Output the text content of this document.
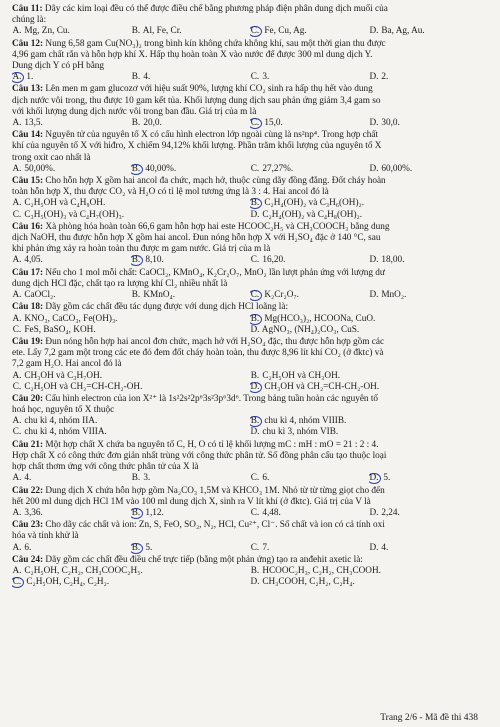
Câu 11: Dãy các kim loại đều có thể được điều chế bằng phương pháp điện phân dung dịch muối của
chúng là:
A. Mg, Zn, Cu.	B. Al, Fe, Cr.	C. Fe, Cu, Ag.	D. Ba, Ag, Au.
Câu 12: Nung 6,58 gam Cu(NO₃)₂ trong bình kín không chứa không khí, sau một thời gian thu được
4,96 gam chất rắn và hỗn hợp khí X. Hấp thụ hoàn toàn X vào nước để được 300 ml dung dịch Y.
Dung dịch Y có pH bằng
A. 1.	B. 4.	C. 3.	D. 2.
Câu 13: Lên men m gam glucozơ với hiệu suất 90%, lượng khí CO₂ sinh ra hấp thụ hết vào dung
dịch nước vôi trong, thu được 10 gam kết tủa. Khối lượng dung dịch sau phản ứng giảm 3,4 gam so
với khối lượng dung dịch nước vôi trong ban đầu. Giá trị của m là
A. 13,5.	B. 20,0.	C. 15,0.	D. 30,0.
Câu 14: Nguyên tử của nguyên tố X có cấu hình electron lớp ngoài cùng là ns²np⁴. Trong hợp chất
khí của nguyên tố X với hiđro, X chiếm 94,12% khối lượng. Phần trăm khối lượng của nguyên tố X
trong oxit cao nhất là
A. 50,00%.	B. 40,00%.	C. 27,27%.	D. 60,00%.
Câu 15: Cho hỗn hợp X gồm hai ancol đa chức, mạch hở, thuộc cùng dãy đồng đẳng. Đốt cháy hoàn
toàn hỗn hợp X, thu được CO₂ và H₂O có tỉ lệ mol tương ứng là 3 : 4. Hai ancol đó là
A. C₂H₅OH và C₄H₉OH.	B. C₂H₄(OH)₂ và C₃H₆(OH)₂.
C. C₃H₅(OH)₃ và C₄H₇(OH)₃.	D. C₂H₄(OH)₂ và C₄H₈(OH)₂.
Câu 16: Xà phòng hóa hoàn toàn 66,6 gam hỗn hợp hai este HCOOC₂H₅ và CH₃COOCH₃ bằng dung
dịch NaOH, thu được hỗn hợp X gồm hai ancol. Đun nóng hỗn hợp X với H₂SO₄ đặc ở 140 °C, sau
khi phản ứng xảy ra hoàn toàn thu được m gam nước. Giá trị của m là
A. 4,05.	B. 8,10.	C. 16,20.	D. 18,00.
Câu 17: Nếu cho 1 mol mỗi chất: CaOCl₂, KMnO₄, K₂Cr₂O₇, MnO₂ lần lượt phản ứng với lượng dư
dung dịch HCl đặc, chất tạo ra lượng khí Cl₂ nhiều nhất là
A. CaOCl₂.	B. KMnO₄.	C. K₂Cr₂O₇.	D. MnO₂.
Câu 18: Dãy gồm các chất đều tác dụng được với dung dịch HCl loãng là:
A. KNO₃, CaCO₃, Fe(OH)₃.	B. Mg(HCO₃)₂, HCOONa, CuO.
C. FeS, BaSO₄, KOH.	D. AgNO₃, (NH₄)₂CO₃, CuS.
Câu 19: Đun nóng hỗn hợp hai ancol đơn chức, mạch hở với H₂SO₄ đặc, thu được hỗn hợp gồm các
ete. Lấy 7,2 gam một trong các ete đó đem đốt cháy hoàn toàn, thu được 8,96 lít khí CO₂ (ở đktc) và
7,2 gam H₂O. Hai ancol đó là
A. CH₃OH và C₃H₇OH.	B. C₂H₅OH và CH₃OH.
C. C₂H₅OH và CH₂=CH-CH₂-OH.	D. CH₃OH và CH₂=CH-CH₂-OH.
Câu 20: Cấu hình electron của ion X²⁺ là 1s²2s²2p⁶3s²3p⁶3d⁶. Trong bảng tuần hoàn các nguyên tố
hoá học, nguyên tố X thuộc
A. chu kì 4, nhóm IIA.	B. chu kì 4, nhóm VIIIB.
C. chu kì 4, nhóm VIIIA.	D. chu kì 3, nhóm VIB.
Câu 21: Một hợp chất X chứa ba nguyên tố C, H, O có tỉ lệ khối lượng mC : mH : mO = 21 : 2 : 4.
Hợp chất X có công thức đơn giản nhất trùng với công thức phân tử. Số đồng phân cấu tạo thuộc loại
hợp chất thơm ứng với công thức phân tử của X là
A. 4.	B. 3.	C. 6.	D. 5.
Câu 22: Dung dịch X chứa hỗn hợp gồm Na₂CO₃ 1,5M và KHCO₃ 1M. Nhỏ từ từ từng giọt cho đến
hết 200 ml dung dịch HCl 1M vào 100 ml dung dịch X, sinh ra V lít khí (ở đktc). Giá trị của V là
A. 3,36.	B. 1,12.	C. 4,48.	D. 2,24.
Câu 23: Cho dãy các chất và ion: Zn, S, FeO, SO₂, N₂, HCl, Cu²⁺, Cl⁻. Số chất và ion có cả tính oxi
hóa và tính khử là
A. 6.	B. 5.	C. 7.	D. 4.
Câu 24: Dãy gồm các chất đều điều chế trực tiếp (bằng một phản ứng) tạo ra anđehit axetic là:
A. C₂H₅OH, C₂H₂, CH₃COOC₂H₅.	B. HCOOC₂H₃, C₂H₂, CH₃COOH.
C. C₂H₅OH, C₂H₄, C₂H₂.	D. CH₃COOH, C₂H₂, C₂H₄.
Trang 2/6 - Mã đề thi 438
